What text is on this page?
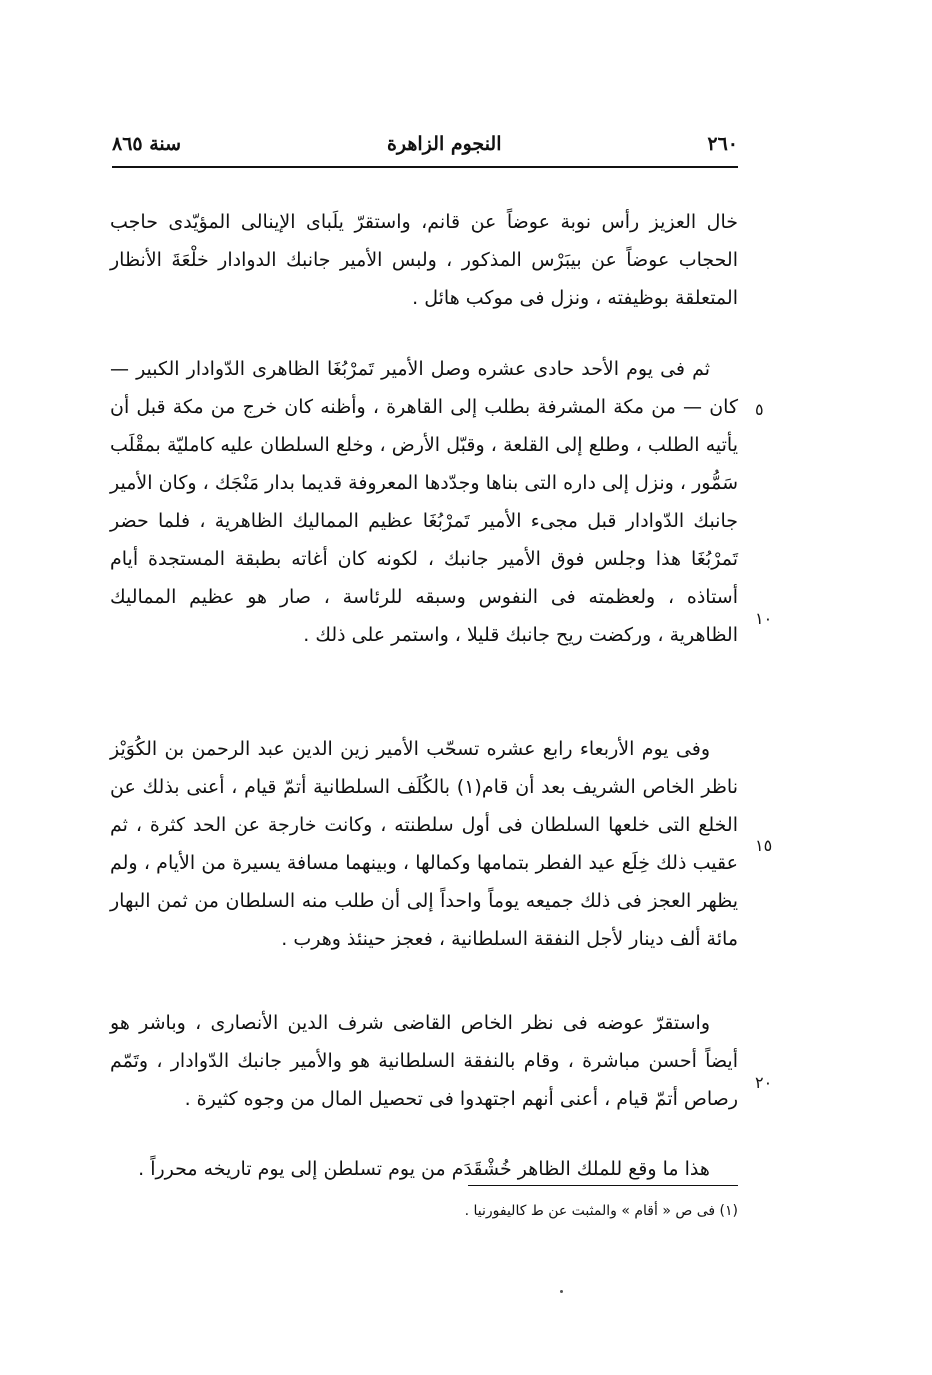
٢٦٠
النجوم الزاهرة
سنة ٨٦٥

خال العزيز رأس نوبة عوضاً عن قانم، واستقرّ يلَباى الإينالى المؤيّدى حاجب الحجاب عوضاً عن بيبَرْس المذكور ، ولبس الأمير جانبك الدوادار خلْعَةَ الأنظار المتعلقة بوظيفته ، ونزل فى موكب هائل .

ثم فى يوم الأحد حادى عشره وصل الأمير تَمرْبُغَا الظاهرى الدّوادار الكبير — كان — من مكة المشرفة بطلب إلى القاهرة ، وأظنه كان خرج من مكة قبل أن يأتيه الطلب ، وطلع إلى القلعة ، وقبّل الأرض ، وخلع السلطان عليه كامليّة بمقْلَب سَمُّور ، ونزل إلى داره التى بناها وجدّدها المعروفة قديما بدار مَنْجَك ، وكان الأمير جانبك الدّوادار قبل مجىء الأمير تَمرْبُغَا عظيم المماليك الظاهرية ، فلما حضر تَمرْبُغَا هذا وجلس فوق الأمير جانبك ، لكونه كان أغاته بطبقة المستجدة أيام أستاذه ، ولعظمته فى النفوس وسبقه للرئاسة ، صار هو عظيم المماليك الظاهرية ، وركضت ريح جانبك قليلا ، واستمر على ذلك .

وفى يوم الأربعاء رابع عشره تسحّب الأمير زين الدين عبد الرحمن بن الكُوَيْز ناظر الخاص الشريف بعد أن قام(١) بالكُلَف السلطانية أتمّ قيام ، أعنى بذلك عن الخلع التى خلعها السلطان فى أول سلطنته ، وكانت خارجة عن الحد كثرة ، ثم عقيب ذلك خِلَع عيد الفطر بتمامها وكمالها ، وبينهما مسافة يسيرة من الأيام ، ولم يظهر العجز فى ذلك جميعه يوماً واحداً إلى أن طلب منه السلطان من ثمن البهار مائة ألف دينار لأجل النفقة السلطانية ، فعجز حينئذ وهرب .

واستقرّ عوضه فى نظر الخاص القاضى شرف الدين الأنصارى ، وباشر هو أيضاً أحسن مباشرة ، وقام بالنفقة السلطانية هو والأمير جانبك الدّوادار ، وتَمّم رصاص أتمّ قيام ، أعنى أنهم اجتهدوا فى تحصيل المال من وجوه كثيرة .

هذا ما وقع للملك الظاهر خُشْقَدَم من يوم تسلطن إلى يوم تاريخه محرراً .

٥
١٠
١٥
٢٠
(١) فى ص « أقام » والمثبت عن ط كاليفورنيا .
